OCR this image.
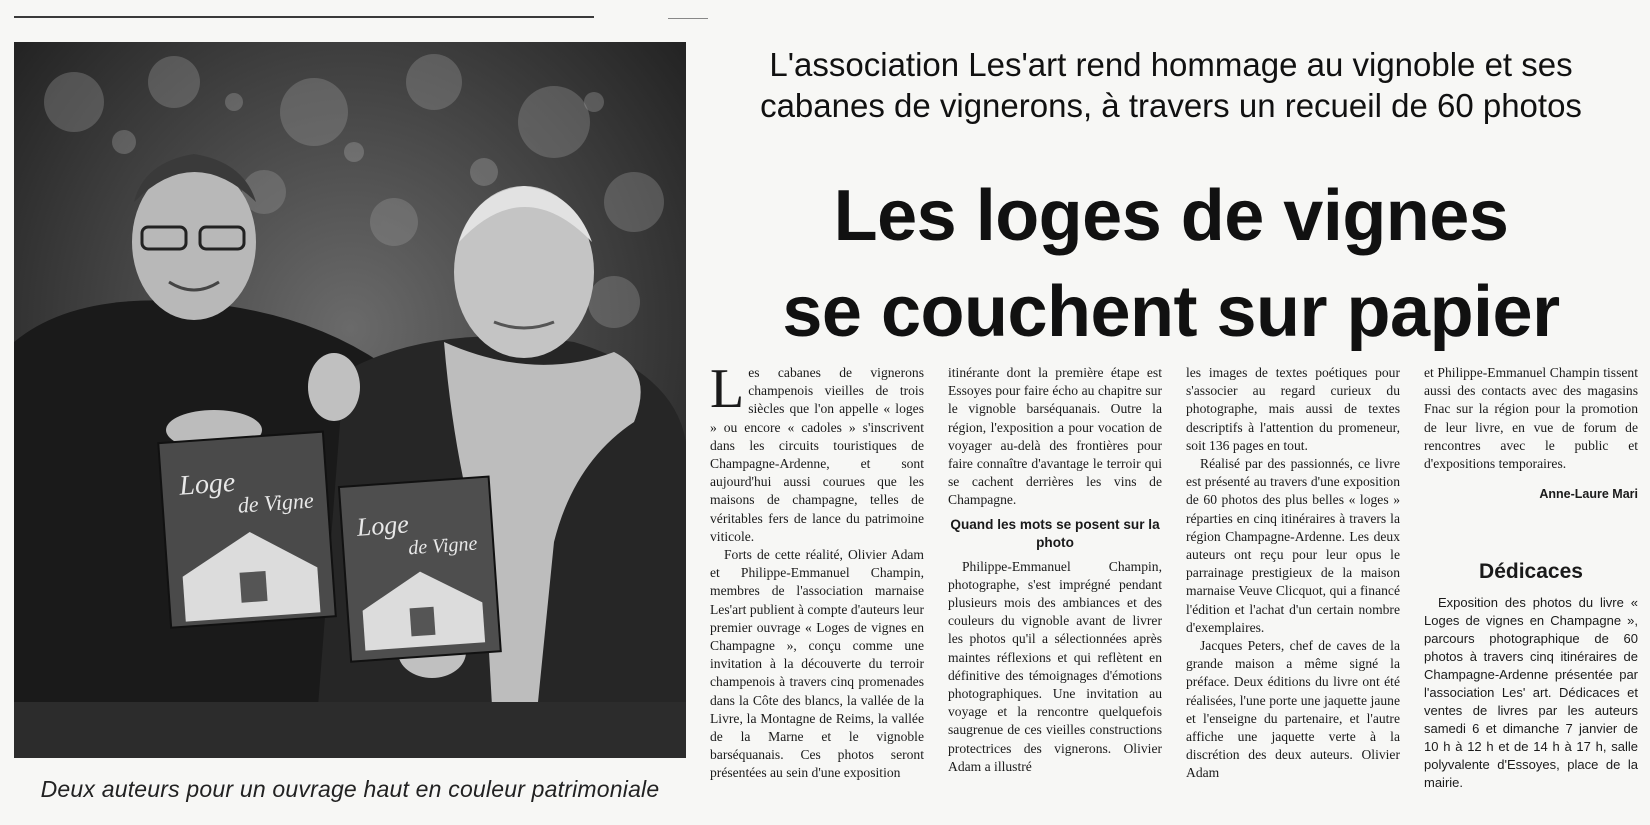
Loge
de Vigne
Loge
de Vigne
Deux auteurs pour un ouvrage haut en couleur patrimoniale
L'association Les'art rend hommage au vignoble et ses cabanes de vignerons, à travers un recueil de 60 photos
Les loges de vignes
se couchent sur papier

Les cabanes de vignerons champenois vieilles de trois siècles que l'on appelle « loges » ou encore « cadoles » s'inscrivent dans les circuits touristiques de Champagne-Ardenne, et sont aujourd'hui aussi courues que les maisons de champagne, telles de véritables fers de lance du patrimoine viticole.

Forts de cette réalité, Olivier Adam et Philippe-Emmanuel Champin, membres de l'association marnaise Les'art publient à compte d'auteurs leur premier ouvrage « Loges de vignes en Champagne », conçu comme une invitation à la découverte du terroir champenois à travers cinq promenades dans la Côte des blancs, la vallée de la Livre, la Montagne de Reims, la vallée de la Marne et le vignoble barséquanais. Ces photos seront présentées au sein d'une exposition

itinérante dont la première étape est Essoyes pour faire écho au chapitre sur le vignoble barséquanais. Outre la région, l'exposition a pour vocation de voyager au-delà des frontières pour faire connaître d'avantage le terroir qui se cachent derrières les vins de Champagne.

Quand les mots se posent sur la photo

Philippe-Emmanuel Champin, photographe, s'est imprégné pendant plusieurs mois des ambiances et des couleurs du vignoble avant de livrer les photos qu'il a sélectionnées après maintes réflexions et qui reflètent en définitive des témoignages d'émotions photographiques. Une invitation au voyage et la rencontre quelquefois saugrenue de ces vieilles constructions protectrices des vignerons. Olivier Adam a illustré

les images de textes poétiques pour s'associer au regard curieux du photographe, mais aussi de textes descriptifs à l'attention du promeneur, soit 136 pages en tout.

Réalisé par des passionnés, ce livre est présenté au travers d'une exposition de 60 photos des plus belles « loges » réparties en cinq itinéraires à travers la région Champagne-Ardenne. Les deux auteurs ont reçu pour leur opus le parrainage prestigieux de la maison marnaise Veuve Clicquot, qui a financé l'édition et l'achat d'un certain nombre d'exemplaires.

Jacques Peters, chef de caves de la grande maison a même signé la préface. Deux éditions du livre ont été réalisées, l'une porte une jaquette jaune et l'enseigne du partenaire, et l'autre affiche une jaquette verte à la discrétion des deux auteurs. Olivier Adam

et Philippe-Emmanuel Champin tissent aussi des contacts avec des magasins Fnac sur la région pour la promotion de leur livre, en vue de forum de rencontres avec le public et d'expositions temporaires.

Anne-Laure Mari
Dédicaces

Exposition des photos du livre « Loges de vignes en Champagne », parcours photographique de 60 photos à travers cinq itinéraires de Champagne-Ardenne présentée par l'association Les' art. Dédicaces et ventes de livres par les auteurs samedi 6 et dimanche 7 janvier de 10 h à 12 h et de 14 h à 17 h, salle polyvalente d'Essoyes, place de la mairie.
